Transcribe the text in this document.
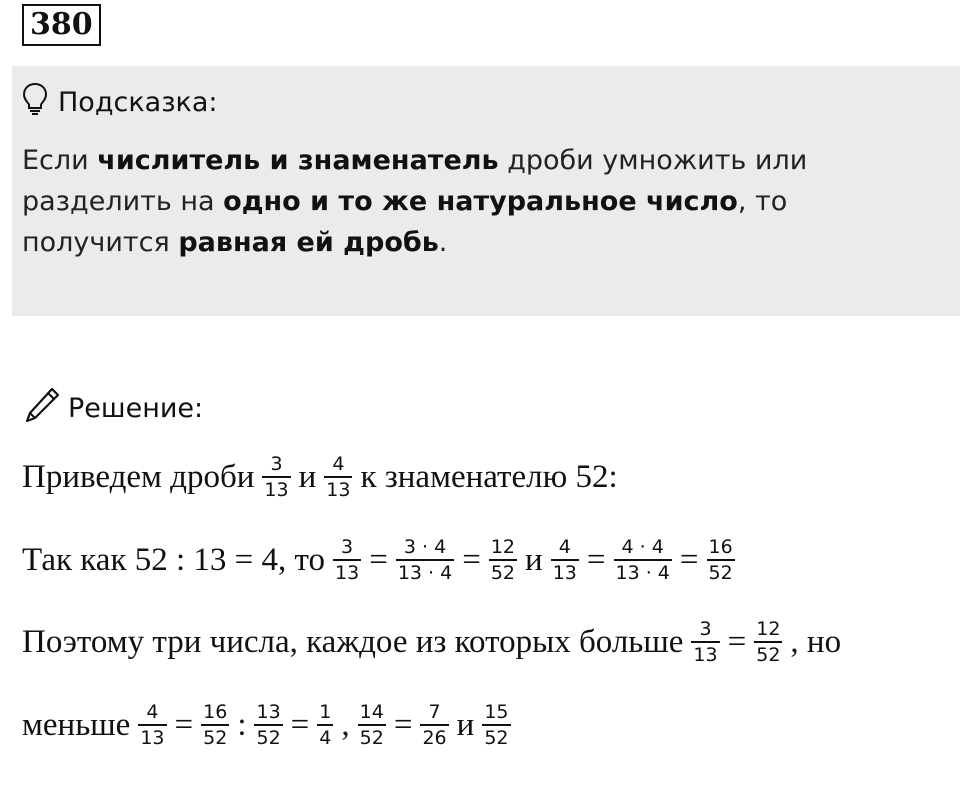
380
Подсказка:
Если числитель и знаменатель дроби умножить или разделить на одно и то же натуральное число, то получится равная ей дробь.
Решение:
Приведем дроби $\frac{3}{13}$ и $\frac{4}{13}$ к знаменателю 52:
Так как 52 : 13 = 4, то $\frac{3}{13} = \frac{3 \cdot 4}{13 \cdot 4} = \frac{12}{52}$ и $\frac{4}{13} = \frac{4 \cdot 4}{13 \cdot 4} = \frac{16}{52}$
Поэтому три числа, каждое из которых больше $\frac{3}{13} = \frac{12}{52}$ , но
меньше $\frac{4}{13} = \frac{16}{52}$ : $\frac{13}{52} = \frac{1}{4}$ , $\frac{14}{52} = \frac{7}{26}$ и $\frac{15}{52}$
